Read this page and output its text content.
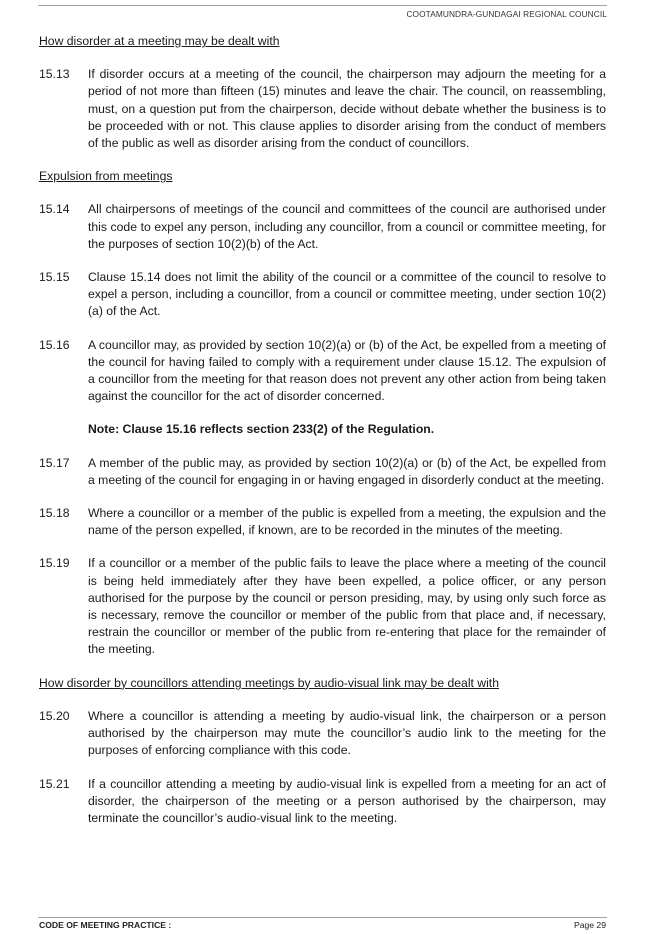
COOTAMUNDRA-GUNDAGAI REGIONAL COUNCIL

How disorder at a meeting may be dealt with

15.13	If disorder occurs at a meeting of the council, the chairperson may adjourn the meeting for a period of not more than fifteen (15) minutes and leave the chair. The council, on reassembling, must, on a question put from the chairperson, decide without debate whether the business is to be proceeded with or not. This clause applies to disorder arising from the conduct of members of the public as well as disorder arising from the conduct of councillors.

Expulsion from meetings

15.14	All chairpersons of meetings of the council and committees of the council are authorised under this code to expel any person, including any councillor, from a council or committee meeting, for the purposes of section 10(2)(b) of the Act.
15.15	Clause 15.14 does not limit the ability of the council or a committee of the council to resolve to expel a person, including a councillor, from a council or committee meeting, under section 10(2)(a) of the Act.
15.16	A councillor may, as provided by section 10(2)(a) or (b) of the Act, be expelled from a meeting of the council for having failed to comply with a requirement under clause 15.12. The expulsion of a councillor from the meeting for that reason does not prevent any other action from being taken against the councillor for the act of disorder concerned.
Note: Clause 15.16 reflects section 233(2) of the Regulation.
15.17	A member of the public may, as provided by section 10(2)(a) or (b) of the Act, be expelled from a meeting of the council for engaging in or having engaged in disorderly conduct at the meeting.
15.18	Where a councillor or a member of the public is expelled from a meeting, the expulsion and the name of the person expelled, if known, are to be recorded in the minutes of the meeting.
15.19	If a councillor or a member of the public fails to leave the place where a meeting of the council is being held immediately after they have been expelled, a police officer, or any person authorised for the purpose by the council or person presiding, may, by using only such force as is necessary, remove the councillor or member of the public from that place and, if necessary, restrain the councillor or member of the public from re-entering that place for the remainder of the meeting.

How disorder by councillors attending meetings by audio-visual link may be dealt with

15.20	Where a councillor is attending a meeting by audio-visual link, the chairperson or a person authorised by the chairperson may mute the councillor’s audio link to the meeting for the purposes of enforcing compliance with this code.
15.21	If a councillor attending a meeting by audio-visual link is expelled from a meeting for an act of disorder, the chairperson of the meeting or a person authorised by the chairperson, may terminate the councillor’s audio-visual link to the meeting.
CODE OF MEETING PRACTICE :	Page 29
